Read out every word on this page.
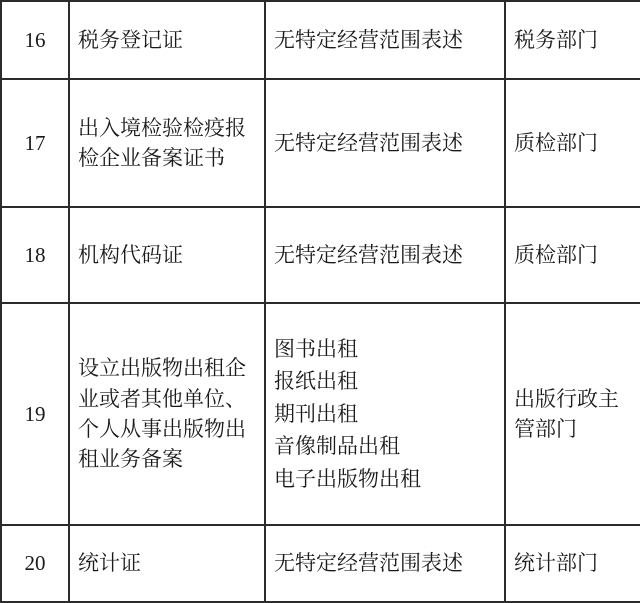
16	税务登记证	无特定经营范围表述	税务部门
17	出入境检验检疫报检企业备案证书	无特定经营范围表述	质检部门
18	机构代码证	无特定经营范围表述	质检部门
19	设立出版物出租企业或者其他单位、个人从事出版物出租业务备案	图书出租
报纸出租
期刊出租
音像制品出租
电子出版物出租	出版行政主管部门
20	统计证	无特定经营范围表述	统计部门
